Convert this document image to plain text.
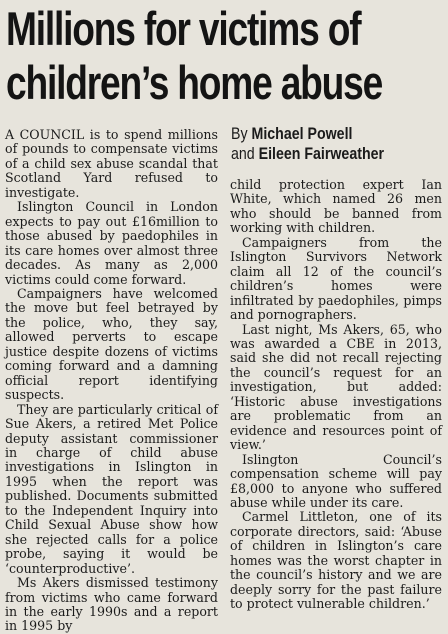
Millions for victims of
children’s home abuse

A COUNCIL is to spend millions of pounds to compensate victims of a child sex abuse scandal that Scotland Yard refused to investigate.

Islington Council in London expects to pay out £16million to those abused by paedophiles in its care homes over almost three decades. As many as 2,000 victims could come forward.

Campaigners have welcomed the move but feel betrayed by the police, who, they say, allowed perverts to escape justice despite dozens of victims coming forward and a damning official report identifying suspects.

They are particularly critical of Sue Akers, a retired Met Police deputy assistant commissioner in charge of child abuse investigations in Islington in 1995 when the report was published. Documents submitted to the Independent Inquiry into Child Sexual Abuse show how she rejected calls for a police probe, saying it would be ‘counterproductive’.

Ms Akers dismissed testimony from victims who came forward in the early 1990s and a report in 1995 by

By Michael Powell
and Eileen Fairweather

child protection expert Ian White, which named 26 men who should be banned from working with children.

Campaigners from the Islington Survivors Network claim all 12 of the council’s children’s homes were infiltrated by paedophiles, pimps and pornographers.

Last night, Ms Akers, 65, who was awarded a CBE in 2013, said she did not recall rejecting the council’s request for an investigation, but added: ‘Historic abuse investigations are problematic from an evidence and resources point of view.’

Islington Council’s compensation scheme will pay £8,000 to anyone who suffered abuse while under its care.

Carmel Littleton, one of its corporate directors, said: ‘Abuse of children in Islington’s care homes was the worst chapter in the council’s history and we are deeply sorry for the past failure to protect vulnerable children.’
